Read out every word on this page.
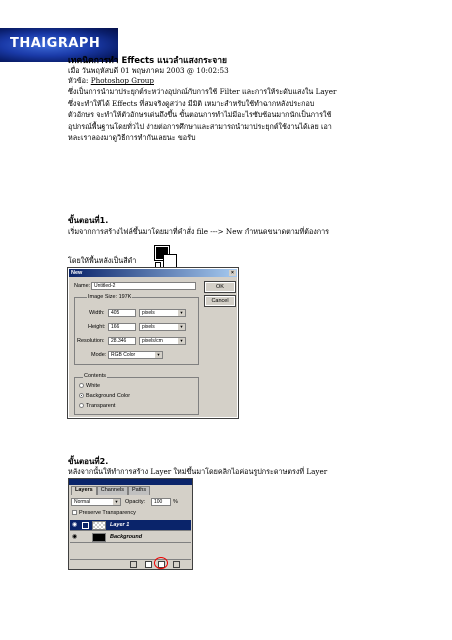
THAIGRAPH
เทคนิคการทำ Effects แนวลำแสงกระจาย
เมื่อ วันพฤหัสบดี 01 พฤษภาคม 2003 @ 10:02:53
หัวข้อ: Photoshop Group
ซึ่งเป็นการนำมาประยุกต์ระหว่างอุปกณ์กับการใช้ Filter และการให้ระดับแสงใน Layer
ซึ่งจะทำให้ได้ Effects ที่สมจริงดูสว่าง มีมิติ เหมาะสำหรับใช้ทำฉากหลังประกอบ
ตัวอักษร จะทำให้ตัวอักษรเด่นถึงขึ้น ขั้นตอนการทำไม่มีอะไรซับซ้อนมากนักเป็นการใช้
อุปกรณ์พื้นฐานโดยทั่วไป ง่ายต่อการศึกษาและสามารถนำมาประยุกต์ใช้งานได้เลย เอา
หละเราลองมาดูวิธีการทำกันเลยนะ ขอรับ
ขั้นตอนที่1.
เริ่มจากการสร้างไฟล์ขึ้นมาโดยมาที่คำสั่ง file ---> New กำหนดขนาดตามที่ต้องการ
โดยให้พื้นหลังเป็นสีดำ
New	×
Name: Untitled-2	OK
Cancel
Image Size: 197K
Width:	405	pixels	▼
Height:	166	pixels	▼
Resolution:	28.346	pixels/cm	▼
Mode: RGB Color	▼
Contents
White
Background Color
Transparent
ขั้นตอนที่2.
หลังจากนั้นให้ทำการสร้าง Layer ใหม่ขึ้นมาโดยคลิกไอค่อนรูปกระดาษตรงที่ Layer
Layers Channels Paths
Normal	▼ Opacity:	100	%
Preserve Transparency
◉	Layer 1
◉	Background
